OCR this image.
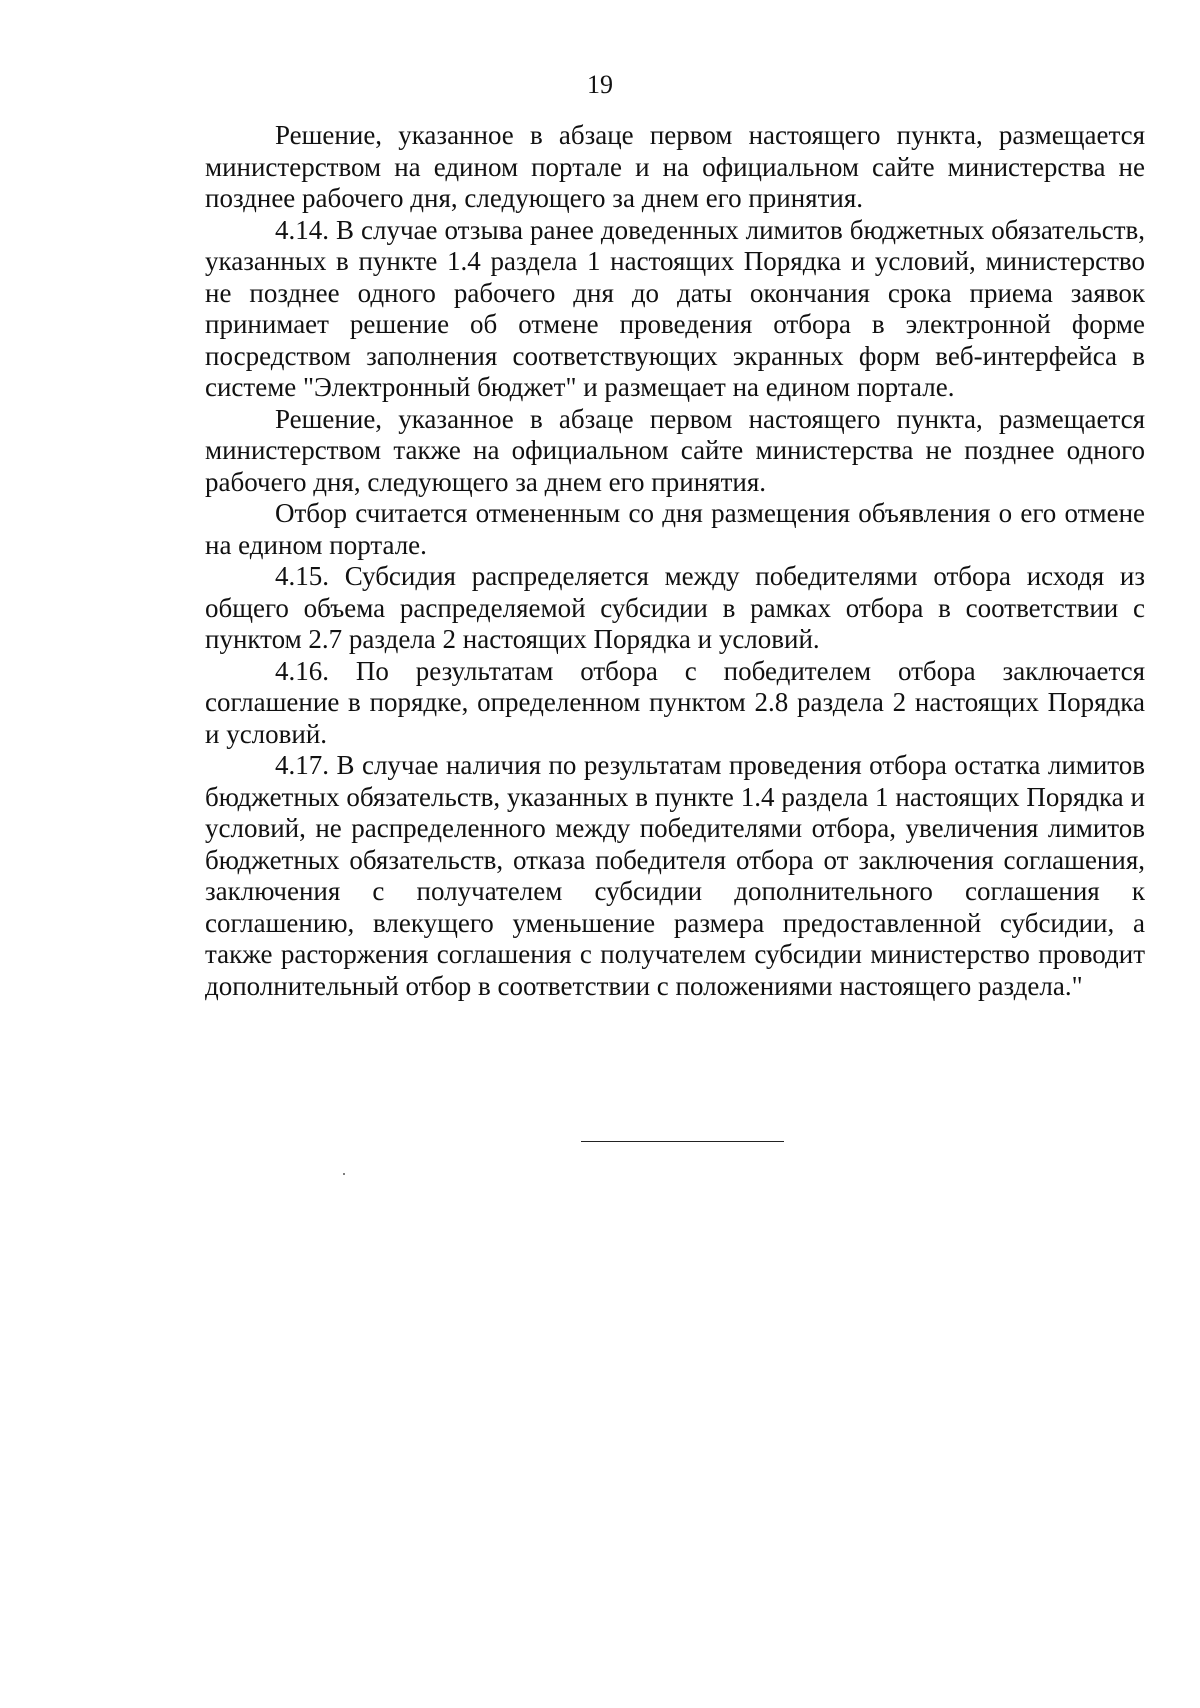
19

Решение, указанное в абзаце первом настоящего пункта, размещается министерством на едином портале и на официальном сайте министерства не позднее рабочего дня, следующего за днем его принятия.

4.14. В случае отзыва ранее доведенных лимитов бюджетных обязательств, указанных в пункте 1.4 раздела 1 настоящих Порядка и условий, министерство не позднее одного рабочего дня до даты окончания срока приема заявок принимает решение об отмене проведения отбора в электронной форме посредством заполнения соответствующих экранных форм веб-интерфейса в системе "Электронный бюджет" и размещает на едином портале.

Решение, указанное в абзаце первом настоящего пункта, размещается министерством также на официальном сайте министерства не позднее одного рабочего дня, следующего за днем его принятия.

Отбор считается отмененным со дня размещения объявления о его отмене на едином портале.

4.15. Субсидия распределяется между победителями отбора исходя из общего объема распределяемой субсидии в рамках отбора в соответствии с пунктом 2.7 раздела 2 настоящих Порядка и условий.

4.16. По результатам отбора с победителем отбора заключается соглашение в порядке, определенном пунктом 2.8 раздела 2 настоящих Порядка и условий.

4.17. В случае наличия по результатам проведения отбора остатка лимитов бюджетных обязательств, указанных в пункте 1.4 раздела 1 настоящих Порядка и условий, не распределенного между победителями отбора, увеличения лимитов бюджетных обязательств, отказа победителя отбора от заключения соглашения, заключения с получателем субсидии дополнительного соглашения к соглашению, влекущего уменьшение размера предоставленной субсидии, а также расторжения соглашения с получателем субсидии министерство проводит дополнительный отбор в соответствии с положениями настоящего раздела."
